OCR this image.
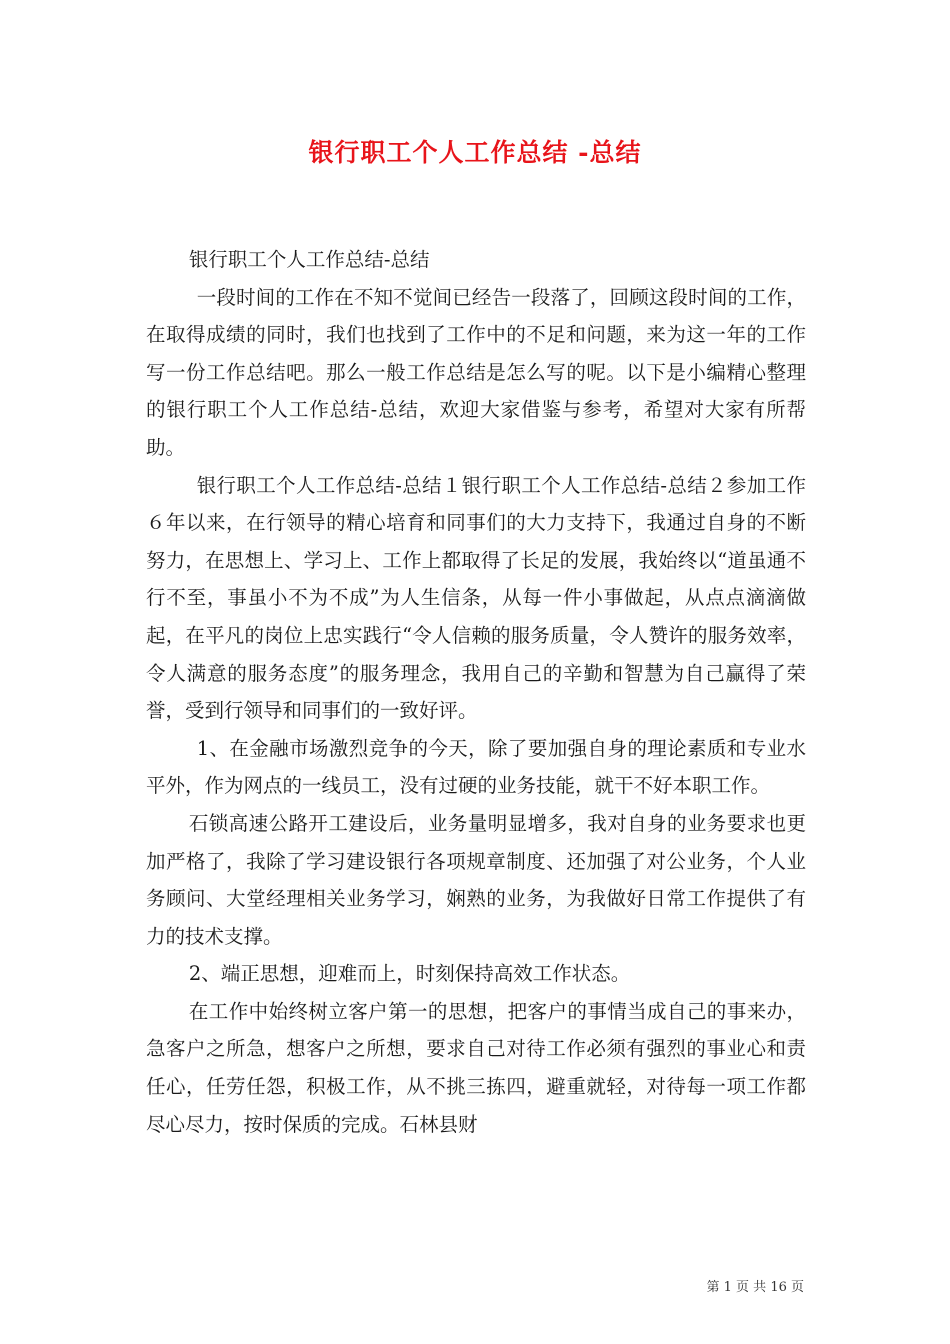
银行职工个人工作总结 -总结

银行职工个人工作总结-总结

一段时间的工作在不知不觉间已经告一段落了，回顾这段时间的工作，在取得成绩的同时，我们也找到了工作中的不足和问题，来为这一年的工作写一份工作总结吧。那么一般工作总结是怎么写的呢。以下是小编精心整理的银行职工个人工作总结-总结，欢迎大家借鉴与参考，希望对大家有所帮助。

银行职工个人工作总结-总结１银行职工个人工作总结-总结２参加工作６年以来，在行领导的精心培育和同事们的大力支持下，我通过自身的不断努力，在思想上、学习上、工作上都取得了长足的发展，我始终以“道虽通不行不至，事虽小不为不成”为人生信条，从每一件小事做起，从点点滴滴做起，在平凡的岗位上忠实践行“令人信赖的服务质量，令人赞许的服务效率，令人满意的服务态度”的服务理念，我用自己的辛勤和智慧为自己赢得了荣誉，受到行领导和同事们的一致好评。

1、在金融市场激烈竞争的今天，除了要加强自身的理论素质和专业水平外，作为网点的一线员工，没有过硬的业务技能，就干不好本职工作。

石锁高速公路开工建设后，业务量明显增多，我对自身的业务要求也更加严格了，我除了学习建设银行各项规章制度、还加强了对公业务，个人业务顾问、大堂经理相关业务学习，娴熟的业务，为我做好日常工作提供了有力的技术支撑。

2、端正思想，迎难而上，时刻保持高效工作状态。

在工作中始终树立客户第一的思想，把客户的事情当成自己的事来办，急客户之所急，想客户之所想，要求自己对待工作必须有强烈的事业心和责任心，任劳任怨，积极工作，从不挑三拣四，避重就轻，对待每一项工作都尽心尽力，按时保质的完成。石林县财

第 1 页 共 16 页
